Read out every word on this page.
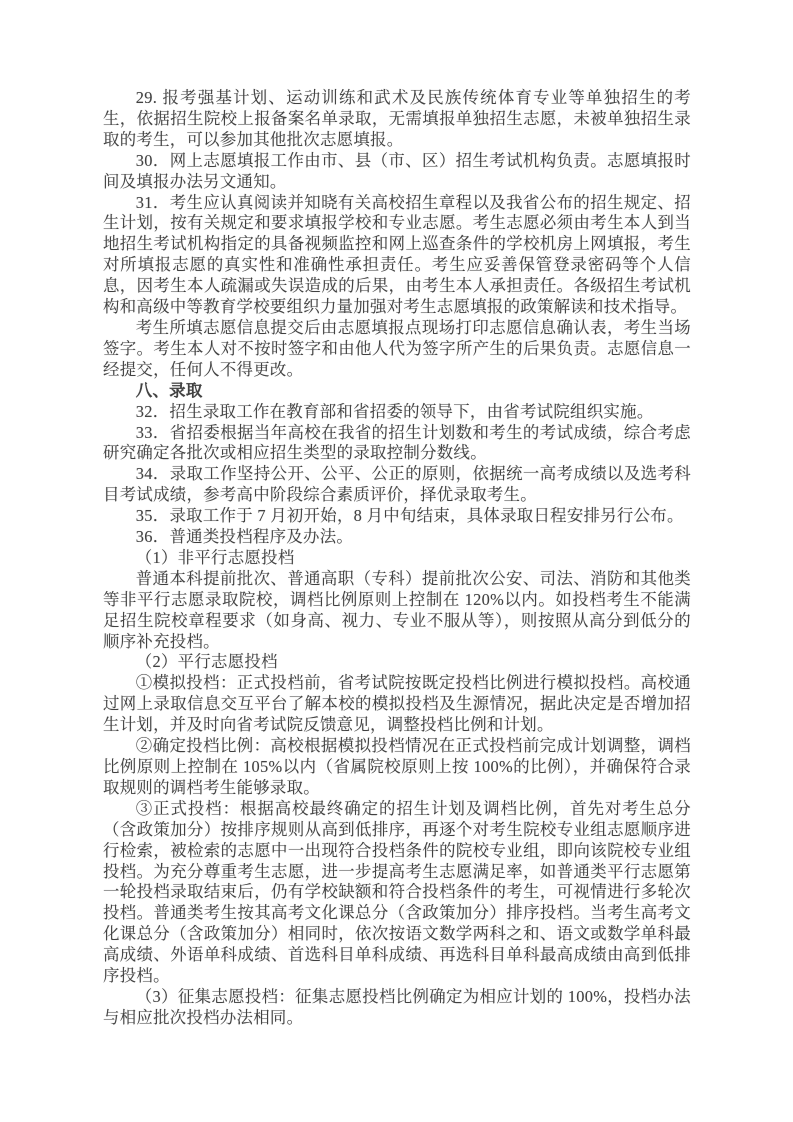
29. 报考强基计划、运动训练和武术及民族传统体育专业等单独招生的考生，依据招生院校上报备案名单录取，无需填报单独招生志愿，未被单独招生录取的考生，可以参加其他批次志愿填报。

30．网上志愿填报工作由市、县（市、区）招生考试机构负责。志愿填报时间及填报办法另文通知。

31．考生应认真阅读并知晓有关高校招生章程以及我省公布的招生规定、招生计划，按有关规定和要求填报学校和专业志愿。考生志愿必须由考生本人到当地招生考试机构指定的具备视频监控和网上巡查条件的学校机房上网填报，考生对所填报志愿的真实性和准确性承担责任。考生应妥善保管登录密码等个人信息，因考生本人疏漏或失误造成的后果，由考生本人承担责任。各级招生考试机构和高级中等教育学校要组织力量加强对考生志愿填报的政策解读和技术指导。

考生所填志愿信息提交后由志愿填报点现场打印志愿信息确认表，考生当场签字。考生本人对不按时签字和由他人代为签字所产生的后果负责。志愿信息一经提交，任何人不得更改。

八、录取

32．招生录取工作在教育部和省招委的领导下，由省考试院组织实施。

33．省招委根据当年高校在我省的招生计划数和考生的考试成绩，综合考虑研究确定各批次或相应招生类型的录取控制分数线。

34．录取工作坚持公开、公平、公正的原则，依据统一高考成绩以及选考科目考试成绩，参考高中阶段综合素质评价，择优录取考生。

35．录取工作于 7 月初开始，8 月中旬结束，具体录取日程安排另行公布。

36．普通类投档程序及办法。

（1）非平行志愿投档

普通本科提前批次、普通高职（专科）提前批次公安、司法、消防和其他类等非平行志愿录取院校，调档比例原则上控制在 120%以内。如投档考生不能满足招生院校章程要求（如身高、视力、专业不服从等），则按照从高分到低分的顺序补充投档。

（2）平行志愿投档

①模拟投档：正式投档前，省考试院按既定投档比例进行模拟投档。高校通过网上录取信息交互平台了解本校的模拟投档及生源情况，据此决定是否增加招生计划，并及时向省考试院反馈意见，调整投档比例和计划。

②确定投档比例：高校根据模拟投档情况在正式投档前完成计划调整，调档比例原则上控制在 105%以内（省属院校原则上按 100%的比例），并确保符合录取规则的调档考生能够录取。

③正式投档：根据高校最终确定的招生计划及调档比例，首先对考生总分（含政策加分）按排序规则从高到低排序，再逐个对考生院校专业组志愿顺序进行检索，被检索的志愿中一出现符合投档条件的院校专业组，即向该院校专业组投档。为充分尊重考生志愿，进一步提高考生志愿满足率，如普通类平行志愿第一轮投档录取结束后，仍有学校缺额和符合投档条件的考生，可视情进行多轮次投档。普通类考生按其高考文化课总分（含政策加分）排序投档。当考生高考文化课总分（含政策加分）相同时，依次按语文数学两科之和、语文或数学单科最高成绩、外语单科成绩、首选科目单科成绩、再选科目单科最高成绩由高到低排序投档。

（3）征集志愿投档：征集志愿投档比例确定为相应计划的 100%，投档办法与相应批次投档办法相同。
